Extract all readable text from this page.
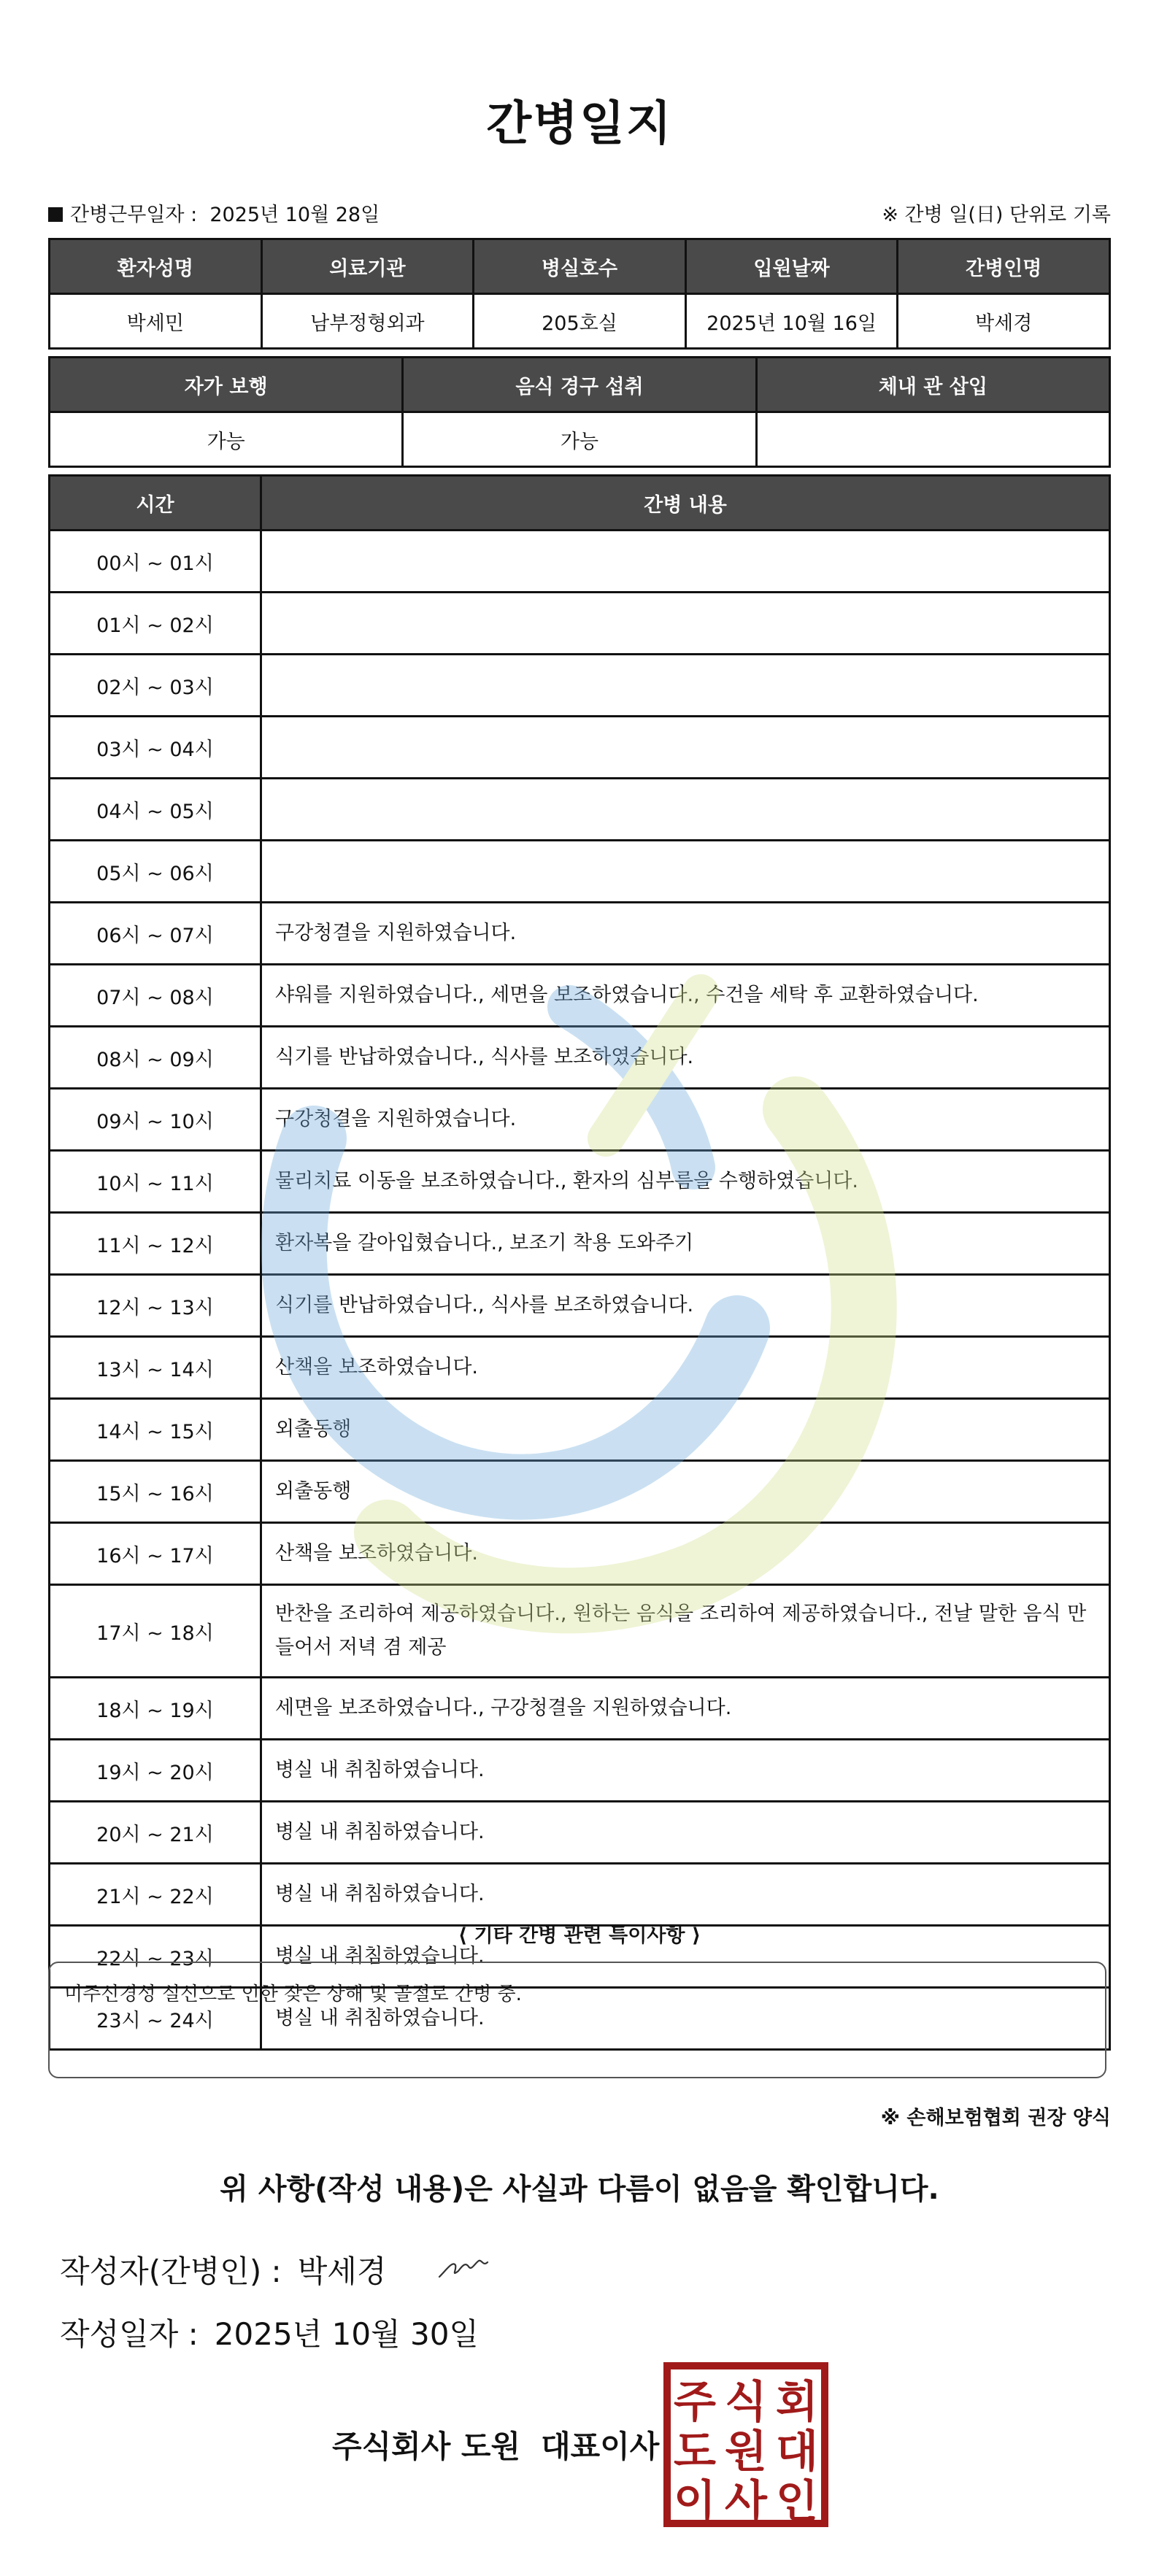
간병일지
간병근무일자 : 2025년 10월 28일	※ 간병 일(日) 단위로 기록
환자성명	의료기관	병실호수	입원날짜	간병인명
박세민	남부정형외과	205호실	2025년 10월 16일	박세경
자가 보행	음식 경구 섭취	체내 관 삽입
가능	가능	
시간	간병 내용
00시 ~ 01시	
01시 ~ 02시	
02시 ~ 03시	
03시 ~ 04시	
04시 ~ 05시	
05시 ~ 06시	
06시 ~ 07시	구강청결을 지원하였습니다.
07시 ~ 08시	샤워를 지원하였습니다., 세면을 보조하였습니다., 수건을 세탁 후 교환하였습니다.
08시 ~ 09시	식기를 반납하였습니다., 식사를 보조하였습니다.
09시 ~ 10시	구강청결을 지원하였습니다.
10시 ~ 11시	물리치료 이동을 보조하였습니다., 환자의 심부름을 수행하였습니다.
11시 ~ 12시	환자복을 갈아입혔습니다., 보조기 착용 도와주기
12시 ~ 13시	식기를 반납하였습니다., 식사를 보조하였습니다.
13시 ~ 14시	산책을 보조하였습니다.
14시 ~ 15시	외출동행
15시 ~ 16시	외출동행
16시 ~ 17시	산책을 보조하였습니다.
17시 ~ 18시	반찬을 조리하여 제공하였습니다., 원하는 음식을 조리하여 제공하였습니다., 전날 말한 음식 만들어서 저녁 겸 제공
18시 ~ 19시	세면을 보조하였습니다., 구강청결을 지원하였습니다.
19시 ~ 20시	병실 내 취침하였습니다.
20시 ~ 21시	병실 내 취침하였습니다.
21시 ~ 22시	병실 내 취침하였습니다.
22시 ~ 23시	병실 내 취침하였습니다.
23시 ~ 24시	병실 내 취침하였습니다.
⟨ 기타 간병 관련 특이사항 ⟩
미주신경성 실신으로 인한 잦은 상해 및 골절로 간병 중.
※ 손해보험협회 권장 양식
위 사항(작성 내용)은 사실과 다름이 없음을 확인합니다.
작성자(간병인) : 박세경
작성일자 : 2025년 10월 30일
주식회사 도원 대표이사
주 식 회
도 원 대
이 사 인
